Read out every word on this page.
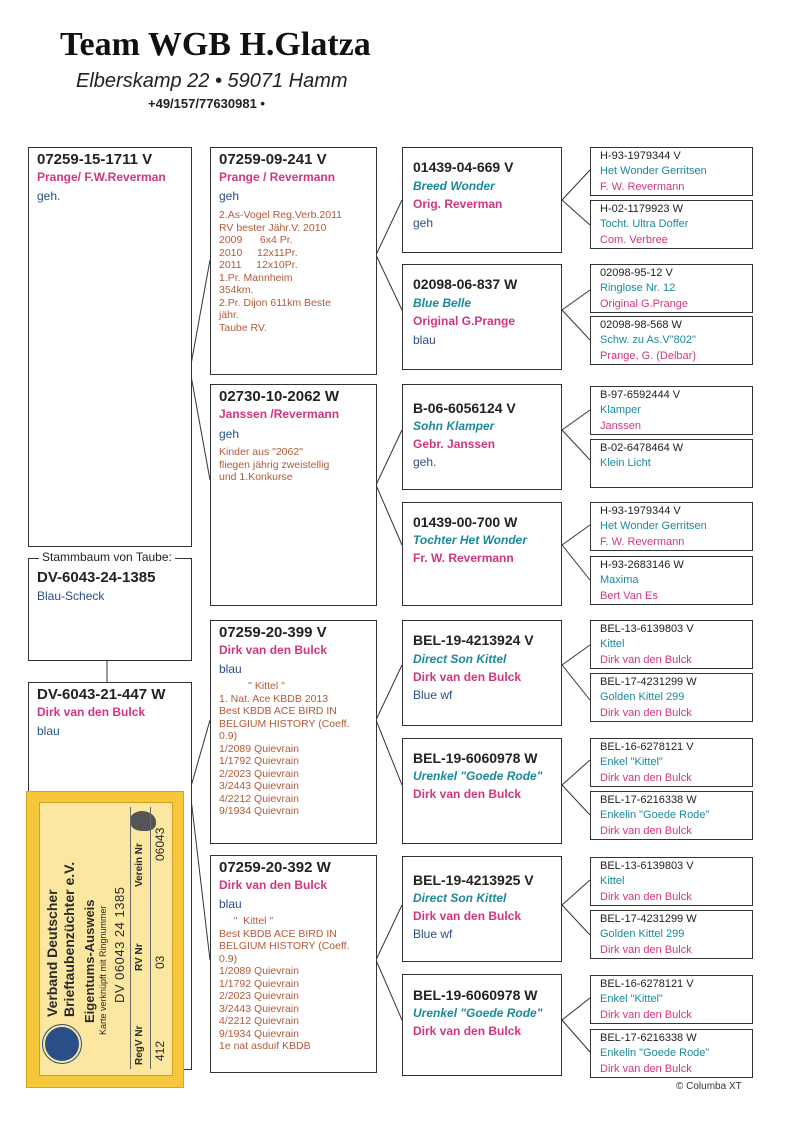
Team WGB H.Glatza
Elberskamp 22 • 59071 Hamm
+49/157/77630981 •
07259-15-1711 V
Prange/ F.W.Reverman
geh.
Stammbaum von Taube:
DV-6043-24-1385
Blau-Scheck
DV-6043-21-447 W
Dirk van den Bulck
blau
07259-09-241 V
Prange / Revermann
geh
2.As-Vogel Reg.Verb.2011
RV bester Jähr.V. 2010
2009      6x4 Pr.
2010     12x11Pr.
2011     12x10Pr.
1.Pr. Mannheim
354km.
2.Pr. Dijon 611km Beste
jähr.
Taube RV.
02730-10-2062 W
Janssen /Revermann
geh
Kinder aus "2062"
fliegen jährig zweistellig
und 1.Konkurse
07259-20-399 V
Dirk van den Bulck
blau
" Kittel "
1. Nat. Ace KBDB 2013
Best KBDB ACE BIRD IN
BELGIUM HISTORY (Coeff.
0.9)
1/2089 Quievrain
1/1792 Quievrain
2/2023 Quievrain
3/2443 Quievrain
4/2212 Quievrain
9/1934 Quievrain
07259-20-392 W
Dirk van den Bulck
blau
"  Kittel "
Best KBDB ACE BIRD IN
BELGIUM HISTORY (Coeff.
0.9)
1/2089 Quievrain
1/1792 Quievrain
2/2023 Quievrain
3/2443 Quievrain
4/2212 Quievrain
9/1934 Quievrain
1e nat asduif KBDB
01439-04-669 V
Breed Wonder
Orig. Reverman
geh
02098-06-837 W
Blue Belle
Original G.Prange
blau
B-06-6056124 V
Sohn Klamper
Gebr. Janssen
geh.
01439-00-700 W
Tochter Het Wonder
Fr. W. Revermann
BEL-19-4213924 V
Direct Son Kittel
Dirk van den Bulck
Blue wf
BEL-19-6060978 W
Urenkel "Goede Rode"
Dirk van den Bulck
BEL-19-4213925 V
Direct Son Kittel
Dirk van den Bulck
Blue wf
BEL-19-6060978 W
Urenkel "Goede Rode"
Dirk van den Bulck
H-93-1979344 V
Het Wonder Gerritsen
F. W. Revermann
H-02-1179923 W
Tocht. Ultra Doffer
Com. Verbree
02098-95-12 V
Ringlose Nr. 12
Original G.Prange
02098-98-568 W
Schw. zu As.V"802"
Prange, G. (Delbar)
B-97-6592444 V
Klamper
Janssen
B-02-6478464 W
Klein Licht
H-93-1979344 V
Het Wonder Gerritsen
F. W. Revermann
H-93-2683146 W
Maxima
Bert Van Es
BEL-13-6139803 V
Kittel
Dirk van den Bulck
BEL-17-4231299 W
Golden Kittel 299
Dirk van den Bulck
BEL-16-6278121 V
Enkel "Kittel"
Dirk van den Bulck
BEL-17-6216338 W
Enkelin "Goede Rode"
Dirk van den Bulck
BEL-13-6139803 V
Kittel
Dirk van den Bulck
BEL-17-4231299 W
Golden Kittel 299
Dirk van den Bulck
BEL-16-6278121 V
Enkel "Kittel"
Dirk van den Bulck
BEL-17-6216338 W
Enkelin "Goede Rode"
Dirk van den Bulck
Verband Deutscher Brieftaubenzüchter e.V. Eigentums-Ausweis Karte verknüpft mit Ringnummer DV 06043 24 1385
RegV Nr
RV Nr
Verein Nr
412
03
06043
© Columba XT
